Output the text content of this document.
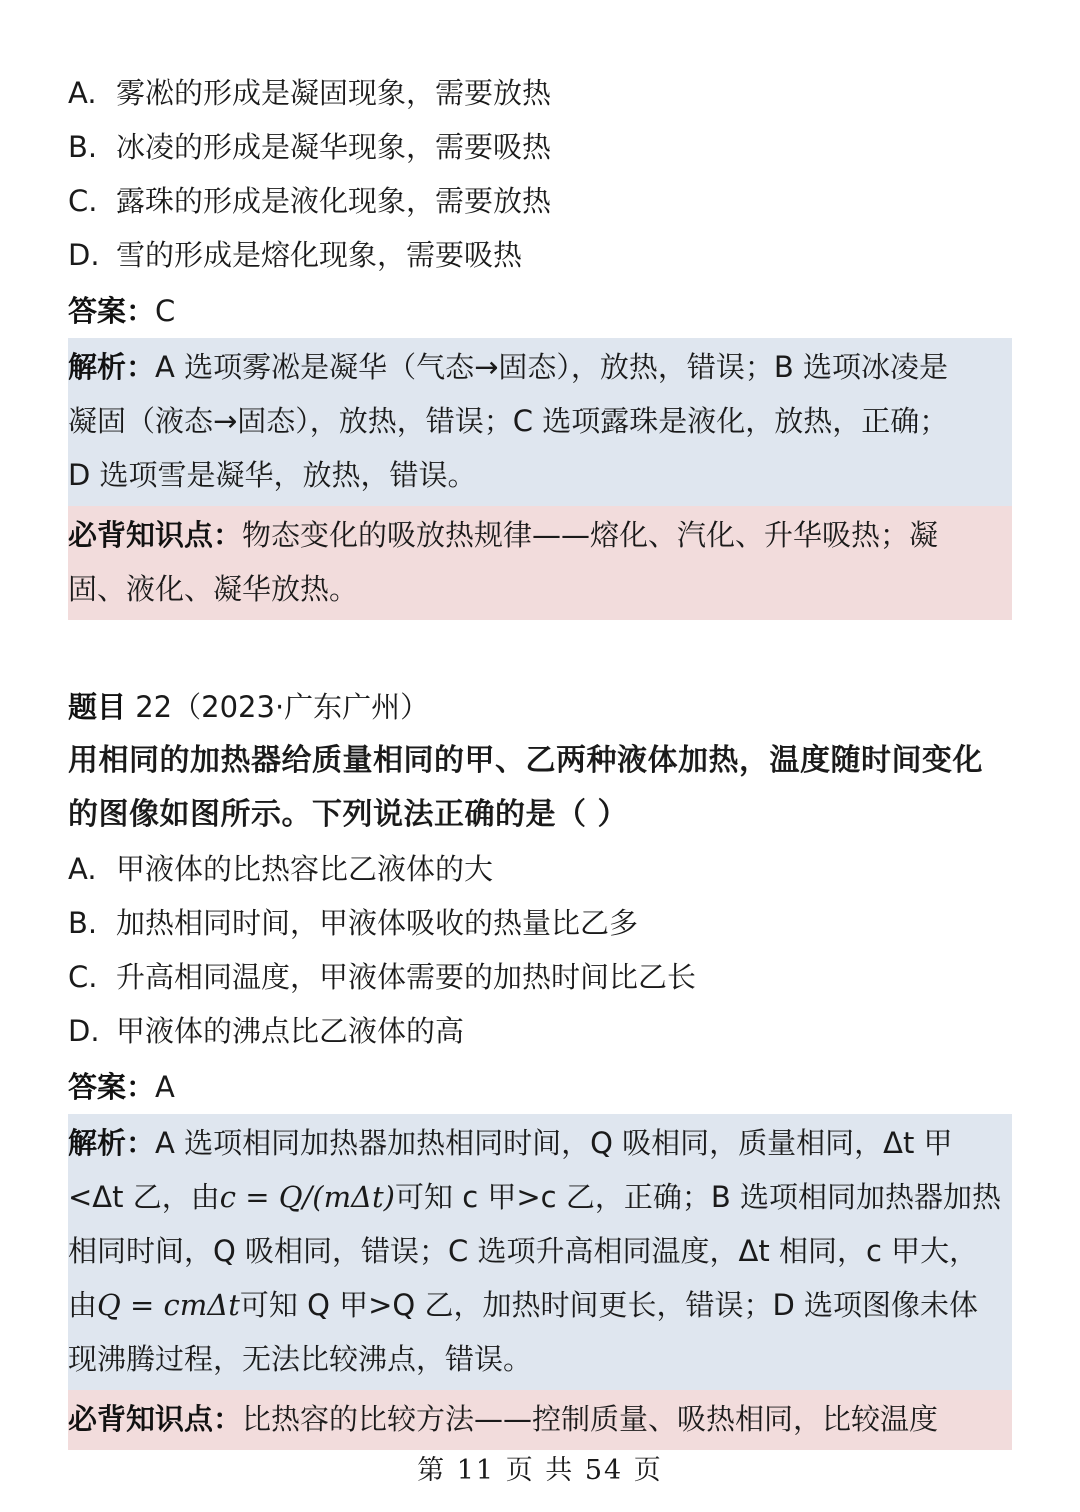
A. 雾凇的形成是凝固现象，需要放热
B. 冰凌的形成是凝华现象，需要吸热
C. 露珠的形成是液化现象，需要放热
D. 雪的形成是熔化现象，需要吸热
答案：C
解析：A 选项雾凇是凝华（气态→固态），放热，错误；B 选项冰凌是
凝固（液态→固态），放热，错误；C 选项露珠是液化，放热，正确；
D 选项雪是凝华，放热，错误。
必背知识点：物态变化的吸放热规律——熔化、汽化、升华吸热；凝
固、液化、凝华放热。
题目 22（2023·广东广州）
用相同的加热器给质量相同的甲、乙两种液体加热，温度随时间变化
的图像如图所示。下列说法正确的是（ ）
A. 甲液体的比热容比乙液体的大
B. 加热相同时间，甲液体吸收的热量比乙多
C. 升高相同温度，甲液体需要的加热时间比乙长
D. 甲液体的沸点比乙液体的高
答案：A
解析：A 选项相同加热器加热相同时间，Q 吸相同，质量相同，Δt 甲
<Δt 乙，由c = Q/(mΔt)可知 c 甲>c 乙，正确；B 选项相同加热器加热
相同时间，Q 吸相同，错误；C 选项升高相同温度，Δt 相同，c 甲大，
由Q = cmΔt可知 Q 甲>Q 乙，加热时间更长，错误；D 选项图像未体
现沸腾过程，无法比较沸点，错误。
必背知识点：比热容的比较方法——控制质量、吸热相同，比较温度
第 11 页 共 54 页
